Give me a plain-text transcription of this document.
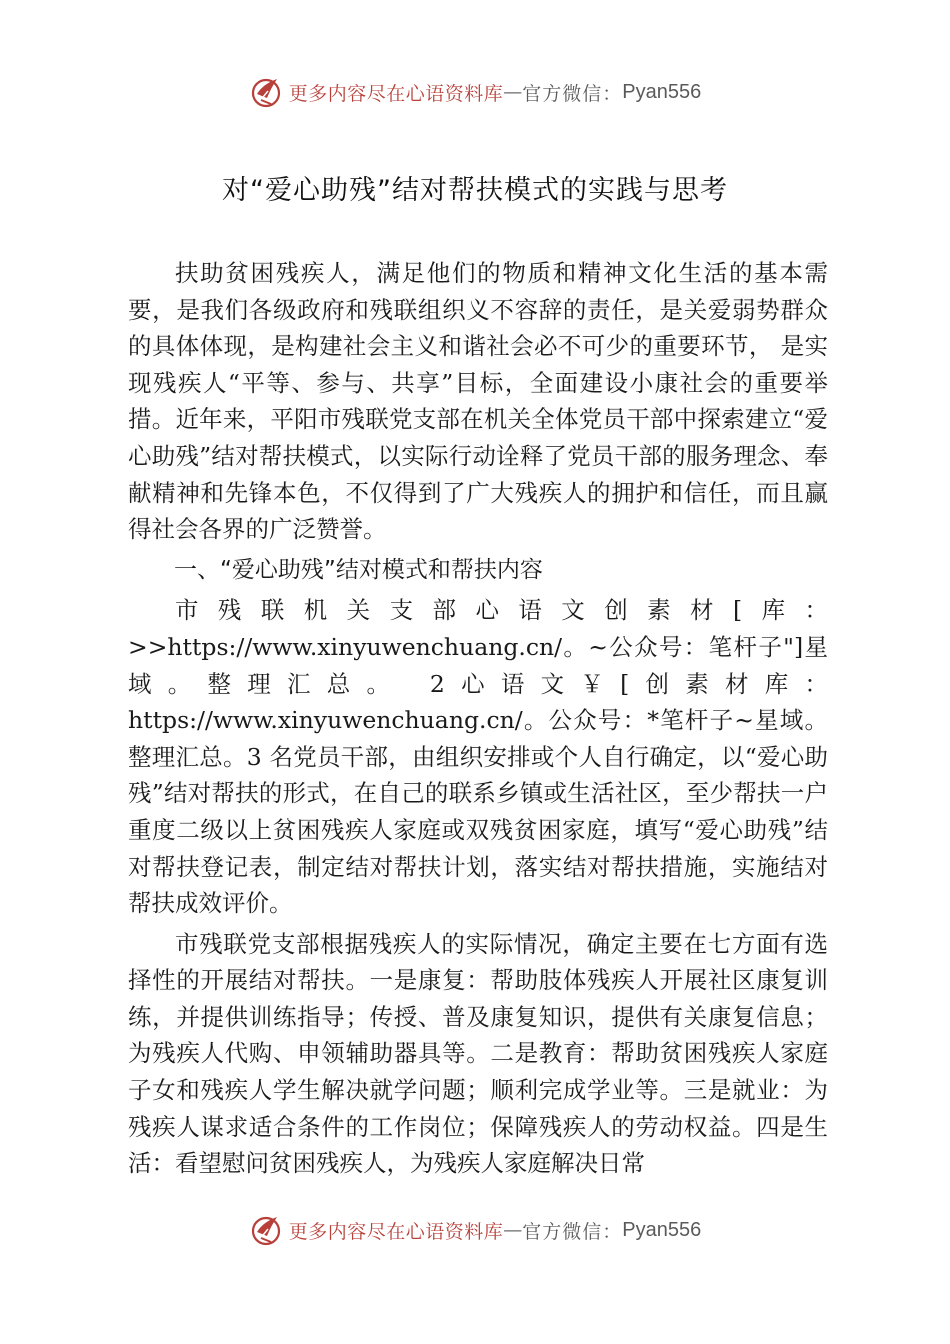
更多内容尽在心语资料库 — 官方微信： Pyan556
对“爱心助残”结对帮扶模式的实践与思考

扶助贫困残疾人，满足他们的物质和精神文化生活的基本需要，是我们各级政府和残联组织义不容辞的责任，是关爱弱势群众的具体体现，是构建社会主义和谐社会必不可少的重要环节， 是实现残疾人“平等、参与、共享”目标，全面建设小康社会的重要举措。近年来，平阳市残联党支部在机关全体党员干部中探索建立“爱心助残”结对帮扶模式，以实际行动诠释了党员干部的服务理念、奉献精神和先锋本色，不仅得到了广大残疾人的拥护和信任，而且赢得社会各界的广泛赞誉。

一、“爱心助残”结对模式和帮扶内容

市残联机关支部心语文创素材[库：>>https://www.xinyuwenchuang.cn/。~公众号：笔杆子"]星域。整理汇总。 2心语文￥[创素材库：https://www.xinyuwenchuang.cn/。公众号：*笔杆子~星域。整理汇总。3 名党员干部，由组织安排或个人自行确定，以“爱心助残”结对帮扶的形式，在自己的联系乡镇或生活社区，至少帮扶一户重度二级以上贫困残疾人家庭或双残贫困家庭，填写“爱心助残”结对帮扶登记表，制定结对帮扶计划，落实结对帮扶措施，实施结对帮扶成效评价。

市残联党支部根据残疾人的实际情况，确定主要在七方面有选择性的开展结对帮扶。一是康复：帮助肢体残疾人开展社区康复训练，并提供训练指导；传授、普及康复知识，提供有关康复信息；为残疾人代购、申领辅助器具等。二是教育：帮助贫困残疾人家庭子女和残疾人学生解决就学问题；顺利完成学业等。三是就业：为残疾人谋求适合条件的工作岗位；保障残疾人的劳动权益。四是生活：看望慰问贫困残疾人，为残疾人家庭解决日常

更多内容尽在心语资料库 — 官方微信： Pyan556
